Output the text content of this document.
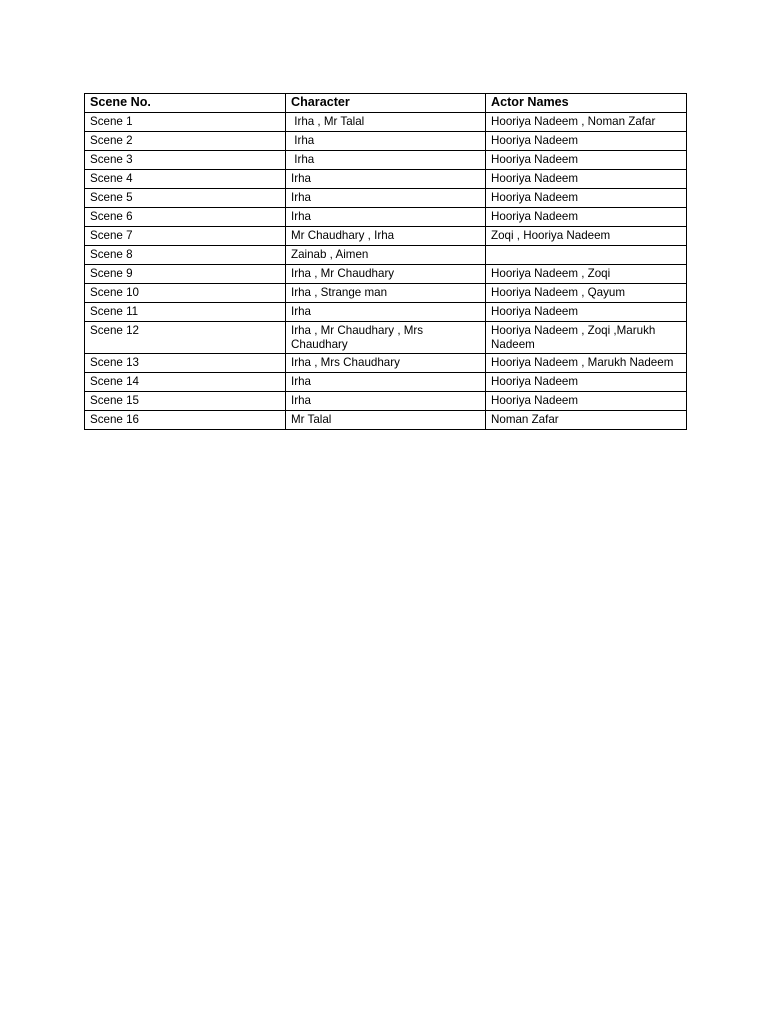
Scene No.	Character	Actor Names
Scene 1	Irha , Mr Talal	Hooriya Nadeem , Noman Zafar
Scene 2	Irha	Hooriya Nadeem
Scene 3	Irha	Hooriya Nadeem
Scene 4	Irha	Hooriya Nadeem
Scene 5	Irha	Hooriya Nadeem
Scene 6	Irha	Hooriya Nadeem
Scene 7	Mr Chaudhary , Irha	Zoqi , Hooriya Nadeem
Scene 8	Zainab , Aimen	
Scene 9	Irha , Mr Chaudhary	Hooriya Nadeem , Zoqi
Scene 10	Irha , Strange man	Hooriya Nadeem , Qayum
Scene 11	Irha	Hooriya Nadeem
Scene 12	Irha , Mr Chaudhary , Mrs Chaudhary	Hooriya Nadeem , Zoqi ,Marukh Nadeem
Scene 13	Irha , Mrs Chaudhary	Hooriya Nadeem , Marukh Nadeem
Scene 14	Irha	Hooriya Nadeem
Scene 15	Irha	Hooriya Nadeem
Scene 16	Mr Talal	Noman Zafar
